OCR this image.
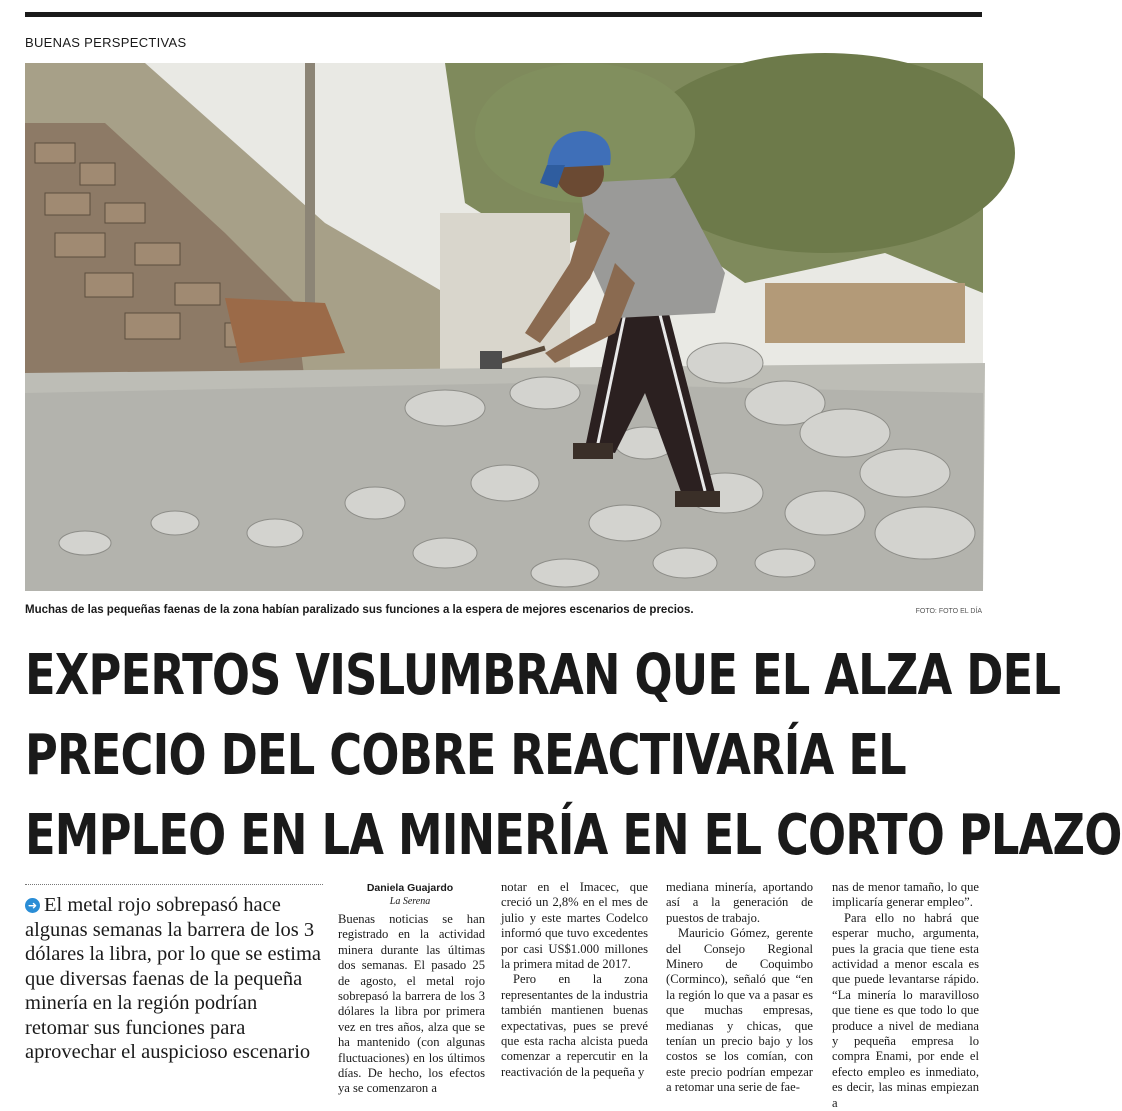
BUENAS PERSPECTIVAS
Muchas de las pequeñas faenas de la zona habían paralizado sus funciones a la espera de mejores escenarios de precios.	FOTO: FOTO EL DÍA
EXPERTOS VISLUMBRAN QUE EL ALZA DEL
PRECIO DEL COBRE REACTIVARÍA EL
EMPLEO EN LA MINERÍA EN EL CORTO PLAZO
➜ El metal rojo sobrepasó hace algunas semanas la barrera de los 3 dólares la libra, por lo que se estima que diversas faenas de la pequeña minería en la región podrían retomar sus funciones para aprovechar el auspicioso escenario
Daniela Guajardo
La Serena

Buenas noticias se han registrado en la actividad minera durante las últimas dos semanas. El pasado 25 de agosto, el metal rojo sobrepasó la barrera de los 3 dólares la libra por primera vez en tres años, alza que se ha mantenido (con algunas fluctuaciones) en los últimos días. De hecho, los efectos ya se comenzaron a

notar en el Imacec, que creció un 2,8% en el mes de julio y este martes Codelco informó que tuvo excedentes por casi US$1.000 millones la primera mitad de 2017.

Pero en la zona representantes de la industria también mantienen buenas expectativas, pues se prevé que esta racha alcista pueda comenzar a repercutir en la reactivación de la pequeña y

mediana minería, aportando así a la generación de puestos de trabajo.

Mauricio Gómez, gerente del Consejo Regional Minero de Coquimbo (Corminco), señaló que “en la región lo que va a pasar es que muchas empresas, medianas y chicas, que tenían un precio bajo y los costos se los comían, con este precio podrían empezar a retomar una serie de fae-

nas de menor tamaño, lo que implicaría generar empleo”.

Para ello no habrá que esperar mucho, argumenta, pues la gracia que tiene esta actividad a menor escala es que puede levantarse rápido. “La minería lo maravilloso que tiene es que todo lo que produce a nivel de mediana y pequeña empresa lo compra Enami, por ende el efecto empleo es inmediato, es decir, las minas empiezan a
